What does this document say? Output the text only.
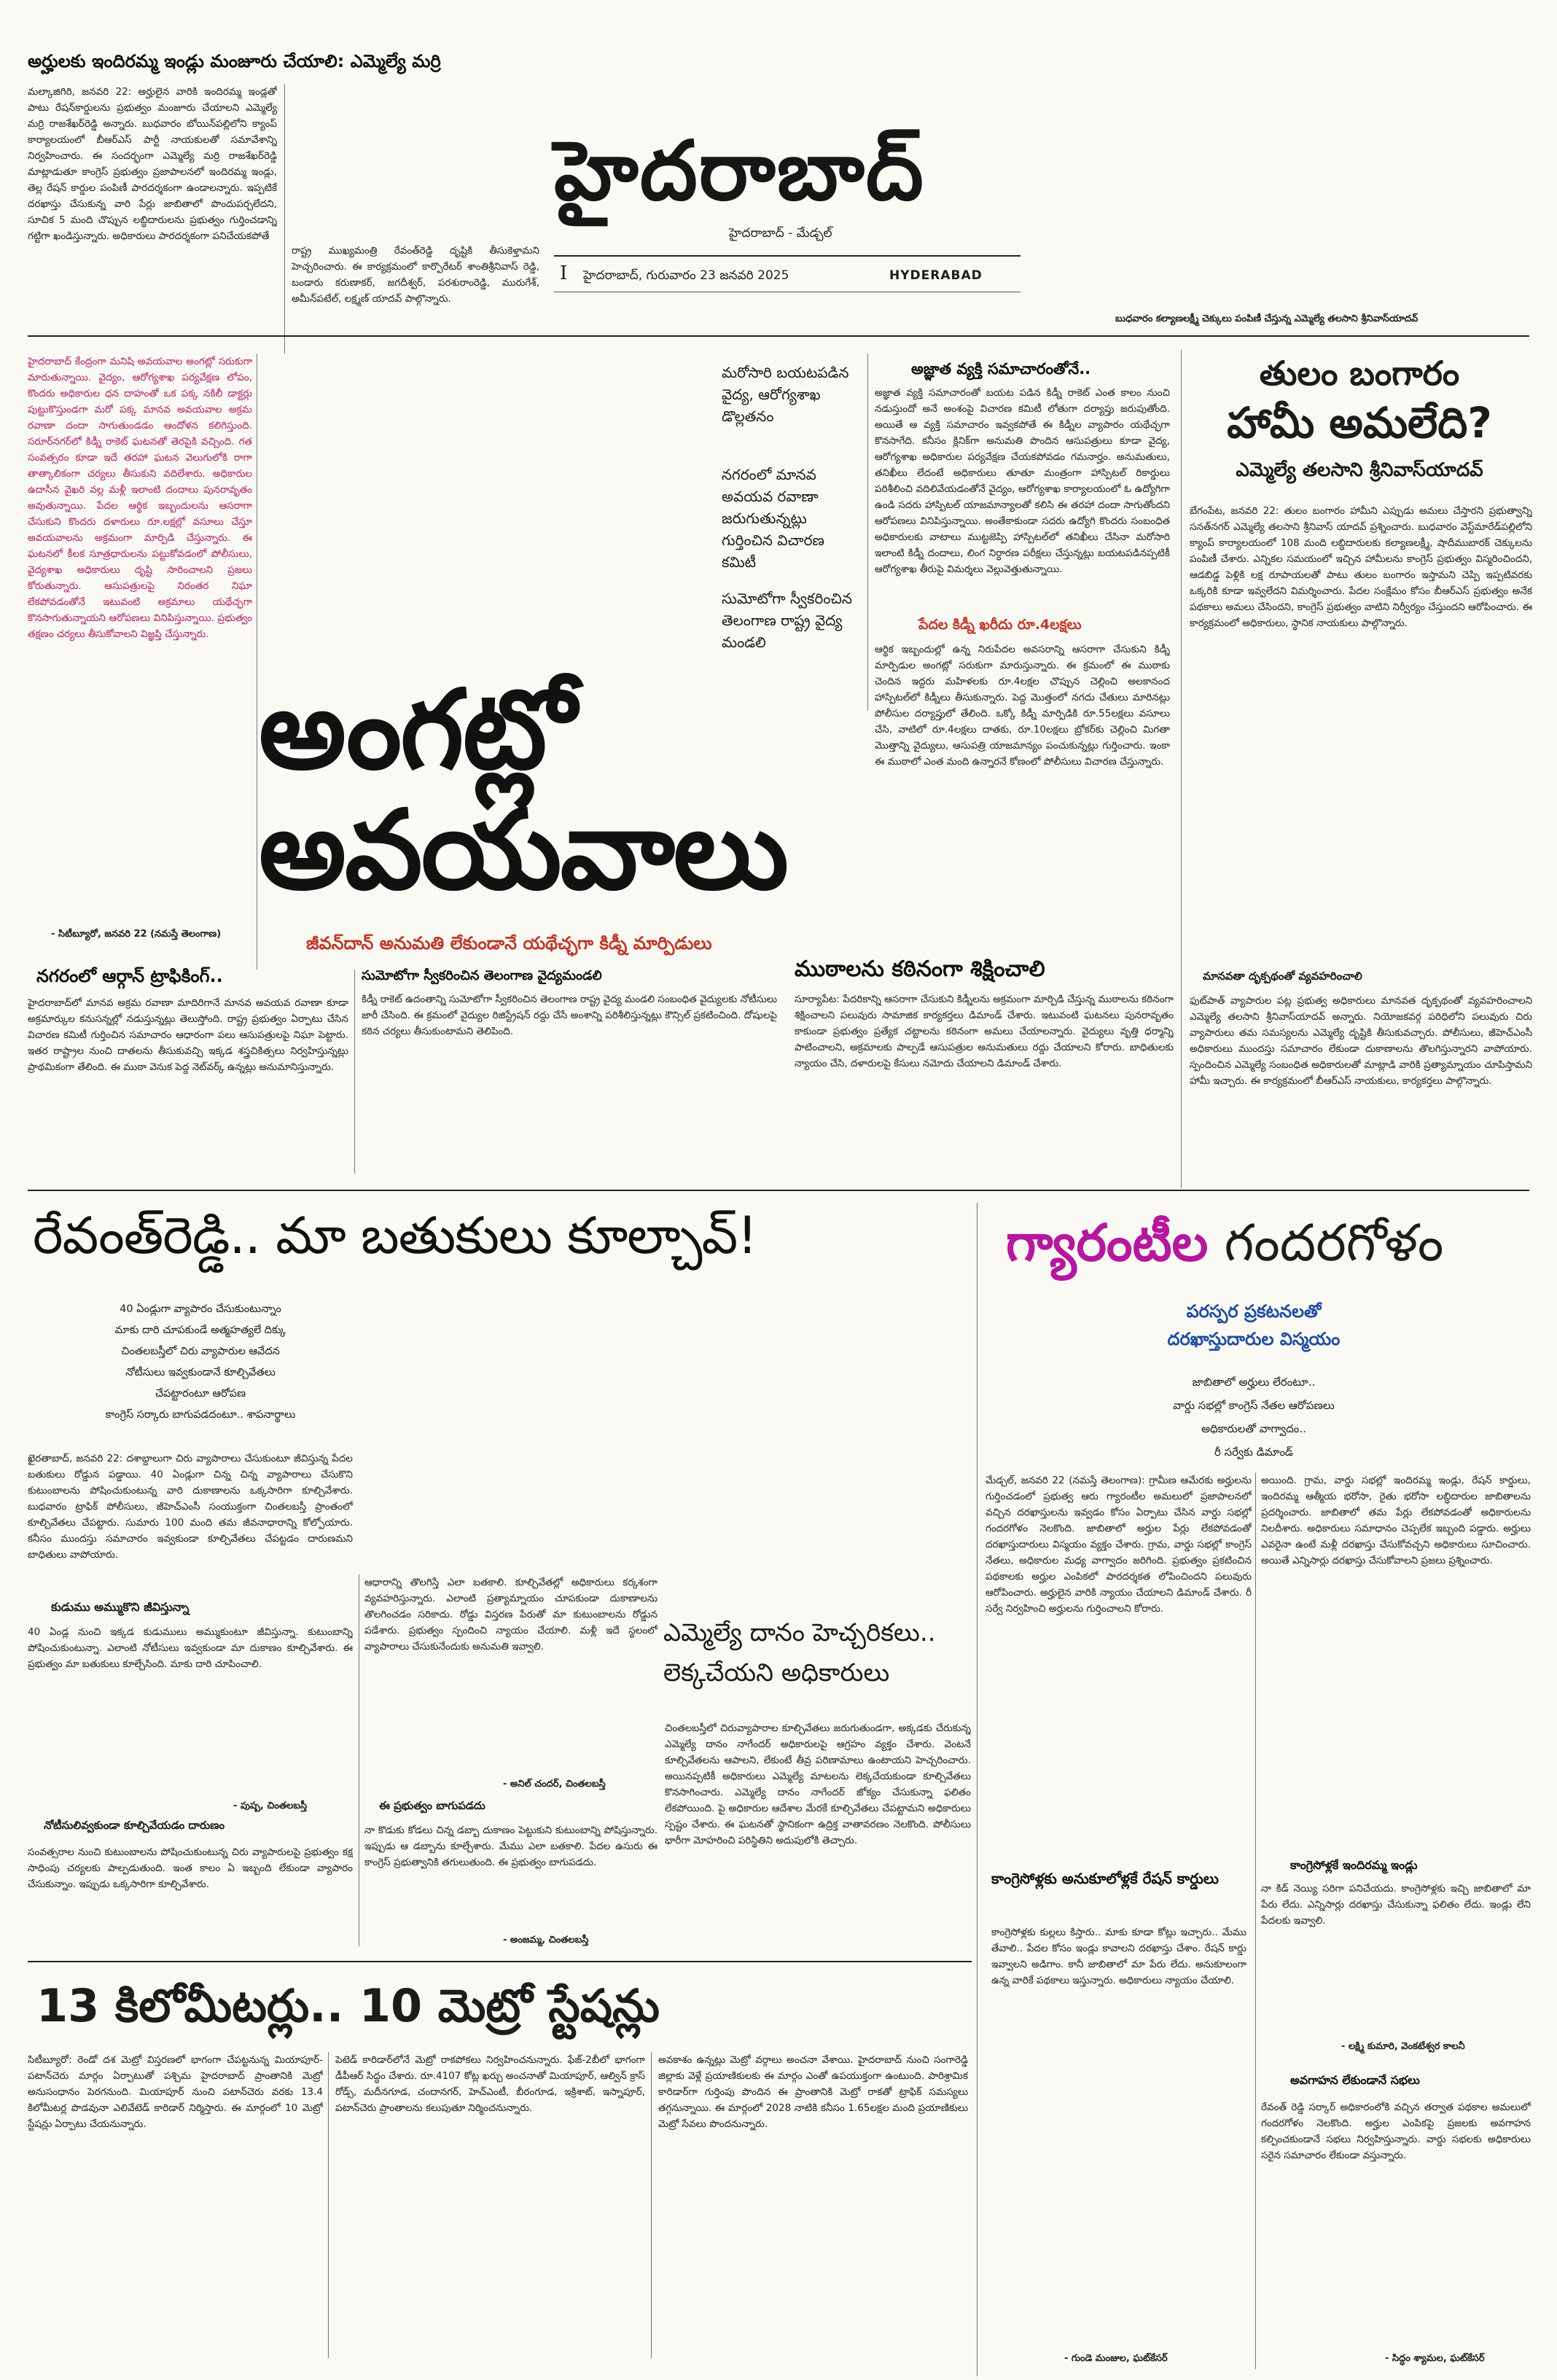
అర్హులకు ఇందిరమ్మ ఇండ్లు మంజూరు చేయాలి: ఎమ్మెల్యే మర్రి
మల్కాజిగిరి, జనవరి 22: అర్హులైన వారికి ఇందిరమ్మ ఇండ్లతో పాటు రేషన్‌కార్డులను ప్రభుత్వం మంజూరు చేయాలని ఎమ్మెల్యే మర్రి రాజశేఖర్‌రెడ్డి అన్నారు. బుధవారం బోయిన్‌పల్లిలోని క్యాంప్ కార్యాలయంలో బీఆర్‌ఎస్ పార్టీ నాయకులతో సమావేశాన్ని నిర్వహించారు. ఈ సందర్భంగా ఎమ్మెల్యే మర్రి రాజశేఖర్‌రెడ్డి మాట్లాడుతూ కాంగ్రెస్ ప్రభుత్వం ప్రజాపాలనలో ఇందిరమ్మ ఇండ్లు, తెల్ల రేషన్ కార్డుల పంపిణీ పారదర్శకంగా ఉండాలన్నారు. ఇప్పటికే దరఖాస్తు చేసుకున్న వారి పేర్లు జాబితాలో పొందుపర్చలేదని, సూచిక 5 మంది చొప్పున లబ్ధిదారులను ప్రభుత్వం గుర్తించడాన్ని గట్టిగా ఖండిస్తున్నారు. అధికారులు పారదర్శకంగా పనిచేయకపోతే
రాష్ట్ర ముఖ్యమంత్రి రేవంత్‌రెడ్డి దృష్టికి తీసుకెళ్తామని హెచ్చరించారు. ఈ కార్యక్రమంలో కార్పొరేటర్ శాంతిశ్రీనివాస్ రెడ్డి, బండారు కరుణాకర్, జగదీశ్వర్, పరశురాంరెడ్డి, మురుగేశ్, అమీన్‌పటేల్, లక్ష్మణ్ యాదవ్ పాల్గొన్నారు.
హైదరాబాద్
హైదరాబాద్ - మేడ్చల్
I హైదరాబాద్, గురువారం 23 జనవరి 2025	HYDERABAD
బుధవారం కల్యాణలక్ష్మీ చెక్కులు పంపిణీ చేస్తున్న ఎమ్మెల్యే తలసాని శ్రీనివాస్‌యాదవ్
హైదరాబాద్ కేంద్రంగా మనిషి అవయవాల అంగట్లో సరుకుగా మారుతున్నాయి. వైద్యం, ఆరోగ్యశాఖ పర్యవేక్షణ లోపం, కొందరు అధికారుల ధన దాహంతో ఒక పక్క నకిలీ డాక్టర్లు పుట్టుకొస్తుండగా మరో పక్క మానవ అవయవాల అక్రమ రవాణా దందా సాగుతుండడం ఆందోళన కలిగిస్తుంది. సరూర్‌నగర్‌లో కిడ్నీ రాకెట్ ఘటనతో తెరపైకి వచ్చింది. గత సంవత్సరం కూడా ఇదే తరహా ఘటన వెలుగులోకి రాగా తాత్కాలికంగా చర్యలు తీసుకుని వదిలేశారు. అధికారుల ఉదాసీన వైఖరి వల్ల మళ్లీ ఇలాంటి దందాలు పునరావృతం అవుతున్నాయి. పేదల ఆర్థిక ఇబ్బందులను ఆసరాగా చేసుకుని కొందరు దళారులు రూ.లక్షల్లో వసూలు చేస్తూ అవయవాలను అక్రమంగా మార్పిడి చేస్తున్నారు. ఈ ఘటనలో కీలక సూత్రధారులను పట్టుకోవడంలో పోలీసులు, వైద్యశాఖ అధికారులు దృష్టి సారించాలని ప్రజలు కోరుతున్నారు. ఆసుపత్రులపై నిరంతర నిఘా లేకపోవడంతోనే ఇటువంటి అక్రమాలు యథేచ్ఛగా కొనసాగుతున్నాయని ఆరోపణలు వినిపిస్తున్నాయి. ప్రభుత్వం తక్షణం చర్యలు తీసుకోవాలని విజ్ఞప్తి చేస్తున్నారు.
- సిటీబ్యూరో, జనవరి 22 (నమస్తే తెలంగాణ)
మరోసారి బయటపడిన వైద్య, ఆరోగ్యశాఖ డొల్లతనం
నగరంలో మానవ అవయవ రవాణా జరుగుతున్నట్లు గుర్తించిన విచారణ కమిటీ
సుమోటోగా స్వీకరించిన తెలంగాణ రాష్ట్ర వైద్య మండలి
అంగట్లో
అవయవాలు
జీవన్‌దాన్ అనుమతి లేకుండానే యథేచ్ఛగా కిడ్నీ మార్పిడులు
అజ్ఞాత వ్యక్తి సమాచారంతోనే..
అజ్ఞాత వ్యక్తి సమాచారంతో బయట పడిన కిడ్నీ రాకెట్ ఎంత కాలం నుంచి నడుస్తుందో అనే అంశంపై విచారణ కమిటీ లోతుగా దర్యాప్తు జరుపుతోంది. అయితే ఆ వ్యక్తి సమాచారం ఇవ్వకపోతే ఈ కిడ్నీల వ్యాపారం యథేచ్ఛగా కొనసాగేది. కనీసం క్లినిక్‌గా అనుమతి పొందిన ఆసుపత్రులు కూడా వైద్య, ఆరోగ్యశాఖ అధికారుల పర్యవేక్షణ చేయకపోవడం గమనార్హం. అనుమతులు, తనిఖీలు లేదంటే అధికారులు తూతూ మంత్రంగా హాస్పిటల్ రికార్డులు పరిశీలించి వదిలివేయడంతోనే వైద్యం, ఆరోగ్యశాఖ కార్యాలయంలో ఓ ఉద్యోగిగా ఉండి సదరు హాస్పిటల్ యాజమాన్యాలతో కలిసి ఈ తరహా దందా సాగుతోందని ఆరోపణలు వినిపిస్తున్నాయి. అంతేకాకుండా సదరు ఉద్యోగి కొందరు సంబంధిత అధికారులకు వాటాలు ముట్టజెప్పి హాస్పిటల్‌లో తనిఖీలు చేసినా మరోసారి ఇలాంటి కిడ్నీ దందాలు, లింగ నిర్ధారణ పరీక్షలు చేస్తున్నట్లు బయటపడినప్పటికీ ఆరోగ్యశాఖ తీరుపై విమర్శలు వెల్లువెత్తుతున్నాయి.
పేదల కిడ్నీ ఖరీదు రూ.4లక్షలు
ఆర్థిక ఇబ్బందుల్లో ఉన్న నిరుపేదల అవసరాన్ని ఆసరాగా చేసుకుని కిడ్నీ మార్పిడుల అంగట్లో సరుకుగా మారుస్తున్నారు. ఈ క్రమంలో ఈ ముఠాకు చెందిన ఇద్దరు మహిళలకు రూ.4లక్షల చొప్పున చెల్లించి అలకానంద హాస్పిటల్‌లో కిడ్నీలు తీసుకున్నారు. పెద్ద మొత్తంలో నగదు చేతులు మారినట్లు పోలీసుల దర్యాప్తులో తేలింది. ఒక్కో కిడ్నీ మార్పిడికి రూ.55లక్షలు వసూలు చేసి, వాటిలో రూ.4లక్షలు దాతకు, రూ.10లక్షలు బ్రోకర్‌కు చెల్లించి మిగతా మొత్తాన్ని వైద్యులు, ఆసుపత్రి యాజమాన్యం పంచుకున్నట్లు గుర్తించారు. ఇంకా ఈ ముఠాలో ఎంత మంది ఉన్నారనే కోణంలో పోలీసులు విచారణ చేస్తున్నారు.
ముఠాలను కఠినంగా శిక్షించాలి
సూర్యాపేట: పేదరికాన్ని ఆసరాగా చేసుకుని కిడ్నీలను అక్రమంగా మార్పిడి చేస్తున్న ముఠాలను కఠినంగా శిక్షించాలని పలువురు సామాజిక కార్యకర్తలు డిమాండ్ చేశారు. ఇటువంటి ఘటనలు పునరావృతం కాకుండా ప్రభుత్వం ప్రత్యేక చట్టాలను కఠినంగా అమలు చేయాలన్నారు. వైద్యులు వృత్తి ధర్మాన్ని పాటించాలని, అక్రమాలకు పాల్పడే ఆసుపత్రుల అనుమతులు రద్దు చేయాలని కోరారు. బాధితులకు న్యాయం చేసి, దళారులపై కేసులు నమోదు చేయాలని డిమాండ్ చేశారు.
నగరంలో ఆర్గాన్ ట్రాఫికింగ్..
హైదరాబాద్‌లో మానవ అక్రమ రవాణా మాదిరిగానే మానవ అవయవ రవాణా కూడా అక్రమార్కుల కనుసన్నల్లో నడుస్తున్నట్లు తెలుస్తోంది. రాష్ట్ర ప్రభుత్వం ఏర్పాటు చేసిన విచారణ కమిటీ గుర్తించిన సమాచారం ఆధారంగా పలు ఆసుపత్రులపై నిఘా పెట్టారు. ఇతర రాష్ట్రాల నుంచి దాతలను తీసుకువచ్చి ఇక్కడ శస్త్రచికిత్సలు నిర్వహిస్తున్నట్లు ప్రాథమికంగా తేలింది. ఈ ముఠా వెనుక పెద్ద నెట్‌వర్క్ ఉన్నట్లు అనుమానిస్తున్నారు.
సుమోటోగా స్వీకరించిన తెలంగాణ వైద్యమండలి
కిడ్నీ రాకెట్ ఉదంతాన్ని సుమోటోగా స్వీకరించిన తెలంగాణ రాష్ట్ర వైద్య మండలి సంబంధిత వైద్యులకు నోటీసులు జారీ చేసింది. ఈ క్రమంలో వైద్యుల రిజిస్ట్రేషన్ రద్దు చేసే అంశాన్ని పరిశీలిస్తున్నట్లు కౌన్సిల్ ప్రకటించింది. దోషులపై కఠిన చర్యలు తీసుకుంటామని తెలిపింది.
తులం బంగారం
హామీ అమలేది?
ఎమ్మెల్యే తలసాని శ్రీనివాస్‌యాదవ్
బేగంపేట, జనవరి 22: తులం బంగారం హామీని ఎప్పుడు అమలు చేస్తారని ప్రభుత్వాన్ని సనత్‌నగర్ ఎమ్మెల్యే తలసాని శ్రీనివాస్ యాదవ్ ప్రశ్నించారు. బుధవారం వెస్ట్‌మారేడ్‌పల్లిలోని క్యాంప్ కార్యాలయంలో 108 మంది లబ్ధిదారులకు కల్యాణలక్ష్మీ, షాదీముబారక్ చెక్కులను పంపిణీ చేశారు. ఎన్నికల సమయంలో ఇచ్చిన హామీలను కాంగ్రెస్ ప్రభుత్వం విస్మరించిందని, ఆడబిడ్డ పెళ్లికి లక్ష రూపాయలతో పాటు తులం బంగారం ఇస్తామని చెప్పి ఇప్పటివరకు ఒక్కరికి కూడా ఇవ్వలేదని విమర్శించారు. పేదల సంక్షేమం కోసం బీఆర్‌ఎస్ ప్రభుత్వం అనేక పథకాలు అమలు చేసిందని, కాంగ్రెస్ ప్రభుత్వం వాటిని నిర్వీర్యం చేస్తుందని ఆరోపించారు. ఈ కార్యక్రమంలో అధికారులు, స్థానిక నాయకులు పాల్గొన్నారు.
మానవతా దృక్పథంతో వ్యవహరించాలి
ఫుట్‌పాత్ వ్యాపారుల పట్ల ప్రభుత్వ అధికారులు మానవత దృక్పథంతో వ్యవహరించాలని ఎమ్మెల్యే తలసాని శ్రీనివాస్‌యాదవ్ అన్నారు. నియోజకవర్గ పరిధిలోని పలువురు చిరు వ్యాపారులు తమ సమస్యలను ఎమ్మెల్యే దృష్టికి తీసుకువచ్చారు. పోలీసులు, జీహెచ్ఎంసీ అధికారులు ముందస్తు సమాచారం లేకుండా దుకాణాలను తొలగిస్తున్నారని వాపోయారు. స్పందించిన ఎమ్మెల్యే సంబంధిత అధికారులతో మాట్లాడి వారికి ప్రత్యామ్నాయం చూపిస్తామని హామీ ఇచ్చారు. ఈ కార్యక్రమంలో బీఆర్‌ఎస్ నాయకులు, కార్యకర్తలు పాల్గొన్నారు.
రేవంత్‌రెడ్డి.. మా బతుకులు కూల్చావ్!
40 ఏండ్లుగా వ్యాపారం చేసుకుంటున్నాం
మాకు దారి చూపకుండే అత్మహత్యలే దిక్కు
చింతలబస్తీలో చిరు వ్యాపారుల ఆవేదన
నోటీసులు ఇవ్వకుండానే కూల్చివేతలు
చేపట్టారంటూ ఆరోపణ
కాంగ్రెస్ సర్కారు బాగుపడదంటూ.. శాపనార్థాలు
ఖైరతాబాద్, జనవరి 22: దశాబ్దాలుగా చిరు వ్యాపారాలు చేసుకుంటూ జీవిస్తున్న పేదల బతుకులు రోడ్డున పడ్డాయి. 40 ఏండ్లుగా చిన్న చిన్న వ్యాపారాలు చేసుకొని కుటుంబాలను పోషించుకుంటున్న వారి దుకాణాలను ఒక్కసారిగా కూల్చివేశారు. బుధవారం ట్రాఫిక్ పోలీసులు, జీహెచ్ఎంసీ సంయుక్తంగా చింతలబస్తీ ప్రాంతంలో కూల్చివేతలు చేపట్టారు. సుమారు 100 మంది తమ జీవనాధారాన్ని కోల్పోయారు. కనీసం ముందస్తు సమాచారం ఇవ్వకుండా కూల్చివేతలు చేపట్టడం దారుణమని బాధితులు వాపోయారు.
కుడుము అమ్ముకొని జీవిస్తున్నా
40 ఏండ్ల నుంచి ఇక్కడ కుడుములు అమ్ముకుంటూ జీవిస్తున్నా. కుటుంబాన్ని పోషించుకుంటున్నా. ఎలాంటి నోటీసులు ఇవ్వకుండా మా దుకాణం కూల్చివేశారు. ఈ ప్రభుత్వం మా బతుకులు కూల్చేసింది. మాకు దారి చూపించాలి.
- పుష్ప, చింతలబస్తీ
నోటీసులివ్వకుండా కూల్చివేయడం దారుణం
సంవత్సరాల నుంచి కుటుంబాలను పోషించుకుంటున్న చిరు వ్యాపారులపై ప్రభుత్వం కక్ష సాధింపు చర్యలకు పాల్పడుతుంది. ఇంత కాలం ఏ ఇబ్బంది లేకుండా వ్యాపారం చేసుకున్నాం. ఇప్పుడు ఒక్కసారిగా కూల్చివేశారు.
ఆధారాన్ని తొలగిస్తే ఎలా బతకాలి. కూల్చివేతల్లో అధికారులు కర్కశంగా వ్యవహరిస్తున్నారు. ఎలాంటి ప్రత్యామ్నాయం చూపకుండా దుకాణాలను తొలగించడం సరికాదు. రోడ్డు విస్తరణ పేరుతో మా కుటుంబాలను రోడ్డున పడేశారు. ప్రభుత్వం స్పందించి న్యాయం చేయాలి. మళ్లీ ఇదే స్థలంలో వ్యాపారాలు చేసుకునేందుకు అనుమతి ఇవ్వాలి.
- అనిల్ చందర్, చింతలబస్తీ
ఈ ప్రభుత్వం బాగుపడదు
నా కొడుకు కోడలు చిన్న డబ్బా దుకాణం పెట్టుకుని కుటుంబాన్ని పోషిస్తున్నారు. ఇప్పుడు ఆ డబ్బాను కూల్చేశారు. మేము ఎలా బతకాలి. పేదల ఉసురు ఈ కాంగ్రెస్ ప్రభుత్వానికి తగులుతుంది. ఈ ప్రభుత్వం బాగుపడదు.
- అంజమ్మ, చింతలబస్తీ
ఎమ్మెల్యే దానం హెచ్చరికలు..
లెక్కచేయని అధికారులు
చింతలబస్తీలో చిరువ్యాపారాల కూల్చివేతలు జరుగుతుండగా, అక్కడకు చేరుకున్న ఎమ్మెల్యే దానం నాగేందర్ అధికారులపై ఆగ్రహం వ్యక్తం చేశారు. వెంటనే కూల్చివేతలను ఆపాలని, లేకుంటే తీవ్ర పరిణామాలు ఉంటాయని హెచ్చరించారు. అయినప్పటికీ అధికారులు ఎమ్మెల్యే మాటలను లెక్కచేయకుండా కూల్చివేతలు కొనసాగించారు. ఎమ్మెల్యే దానం నాగేందర్ జోక్యం చేసుకున్నా ఫలితం లేకపోయింది. పై అధికారుల ఆదేశాల మేరకే కూల్చివేతలు చేపట్టామని అధికారులు స్పష్టం చేశారు. ఈ ఘటనతో స్థానికంగా ఉద్రిక్త వాతావరణం నెలకొంది. పోలీసులు భారీగా మోహరించి పరిస్థితిని అదుపులోకి తెచ్చారు.
గ్యారంటీల గందరగోళం
పరస్పర ప్రకటనలతో
దరఖాస్తుదారుల విస్మయం
జాబితాలో అర్హులు లేరంటూ..
వార్డు సభల్లో కాంగ్రెస్ నేతల ఆరోపణలు
అధికారులతో వాగ్వాదం..
రీ సర్వేకు డిమాండ్
మేడ్చల్, జనవరి 22 (నమస్తే తెలంగాణ): గ్రామీణ ఆమేరకు అర్హులను గుర్తించడంలో ప్రభుత్వ ఆరు గ్యారంటీల అమలులో ప్రజాపాలనలో వచ్చిన దరఖాస్తులను ఇవ్వడం కోసం ఏర్పాటు చేసిన వార్డు సభల్లో గందరగోళం నెలకొంది. జాబితాలో అర్హుల పేర్లు లేకపోవడంతో దరఖాస్తుదారులు విస్మయం వ్యక్తం చేశారు. గ్రామ, వార్డు సభల్లో కాంగ్రెస్ నేతలు, అధికారుల మధ్య వాగ్వాదం జరిగింది. ప్రభుత్వం ప్రకటించిన పథకాలకు అర్హుల ఎంపికలో పారదర్శకత లోపించిందని పలువురు ఆరోపించారు. అర్హులైన వారికి న్యాయం చేయాలని డిమాండ్ చేశారు. రీ సర్వే నిర్వహించి అర్హులను గుర్తించాలని కోరారు.
అయింది. గ్రామ, వార్డు సభల్లో ఇందిరమ్మ ఇండ్లు, రేషన్ కార్డులు, ఇందిరమ్మ ఆత్మీయ భరోసా, రైతు భరోసా లబ్ధిదారుల జాబితాలను ప్రదర్శించారు. జాబితాలో తమ పేర్లు లేకపోవడంతో అధికారులను నిలదీశారు. అధికారులు సమాధానం చెప్పలేక ఇబ్బంది పడ్డారు. అర్హులు ఎవరైనా ఉంటే మళ్లీ దరఖాస్తు చేసుకోవచ్చని అధికారులు సూచించారు. అయితే ఎన్నిసార్లు దరఖాస్తు చేసుకోవాలని ప్రజలు ప్రశ్నించారు.
కాంగ్రెసోళ్లకు అనుకూలోళ్లకే రేషన్ కార్డులు
కాంగ్రెసోళ్లకు కుల్లలు కిస్తారు.. మాకు కూడా కోట్లు ఇచ్చారు.. మేము తేవాలి.. పేదల కోసం ఇండ్లు కావాలని దరఖాస్తు చేశాం. రేషన్ కార్డు ఇవ్వాలని అడిగాం. కానీ జాబితాలో మా పేరు లేదు. అనుకూలంగా ఉన్న వారికే పథకాలు ఇస్తున్నారు. అధికారులు న్యాయం చేయాలి.
- గుండె మంజుల, ఘట్‌కేసర్
కాంగ్రెసోళ్లకే ఇందిరమ్మ ఇండ్లు
నా కిడ్ నెయ్యి సరిగా పనిచేయదు. కాంగ్రెసోళ్లకు ఇచ్చి జాబితాలో మా పేరు లేదు. ఎన్నిసార్లు దరఖాస్తు చేసుకున్నా ఫలితం లేదు. ఇండ్లు లేని పేదలకు ఇవ్వాలి.
- లక్ష్మి కుమారి, వెంకటేశ్వర కాలనీ
అవగాహన లేకుండానే సభలు
రేవంత్ రెడ్డి సర్కార్ అధికారంలోకి వచ్చిన తర్వాత పథకాల అమలులో గందరగోళం నెలకొంది. అర్హుల ఎంపికపై ప్రజలకు అవగాహన కల్పించకుండానే సభలు నిర్వహిస్తున్నారు. వార్డు సభలకు అధికారులు సరైన సమాచారం లేకుండా వస్తున్నారు.
- సిద్ధం శ్యామల, ఘట్‌కేసర్
13 కిలోమీటర్లు.. 10 మెట్రో స్టేషన్లు
సిటీబ్యూరో: రెండో దశ మెట్రో విస్తరణలో భాగంగా చేపట్టనున్న మియాపూర్-పటాన్‌చెరు మార్గం ఏర్పాటుతో పశ్చిమ హైదరాబాద్ ప్రాంతానికి మెట్రో అనుసంధానం పెరగనుంది. మియాపూర్ నుంచి పటాన్‌చెరు వరకు 13.4 కిలోమీటర్ల పొడవునా ఎలివేటెడ్ కారిడార్ నిర్మిస్తారు. ఈ మార్గంలో 10 మెట్రో స్టేషన్లు ఏర్పాటు చేయనున్నారు.
పెటెడ్ కారిడార్‌లోనే మెట్రో రాకపోకలు నిర్వహించనున్నారు. ఫేజ్-2బీలో భాగంగా డీపీఆర్ సిద్ధం చేశారు. రూ.4107 కోట్ల ఖర్చు అంచనాతో మియాపూర్, ఆల్విన్ క్రాస్ రోడ్స్, మదీనగూడ, చందానగర్, హెచ్ఎంటీ, బీరంగూడ, ఇక్రిశాట్, ఇస్నాపూర్, పటాన్‌చెరు ప్రాంతాలను కలుపుతూ నిర్మించనున్నారు.
అవకాశం ఉన్నట్లు మెట్రో వర్గాలు అంచనా వేశాయి. హైదరాబాద్ నుంచి సంగారెడ్డి జిల్లాకు వెళ్లే ప్రయాణికులకు ఈ మార్గం ఎంతో ఉపయుక్తంగా ఉంటుంది. పారిశ్రామిక కారిడార్‌గా గుర్తింపు పొందిన ఈ ప్రాంతానికి మెట్రో రాకతో ట్రాఫిక్ సమస్యలు తగ్గనున్నాయి. ఈ మార్గంలో 2028 నాటికి కనీసం 1.65లక్షల మంది ప్రయాణికులు మెట్రో సేవలు పొందనున్నారు.
